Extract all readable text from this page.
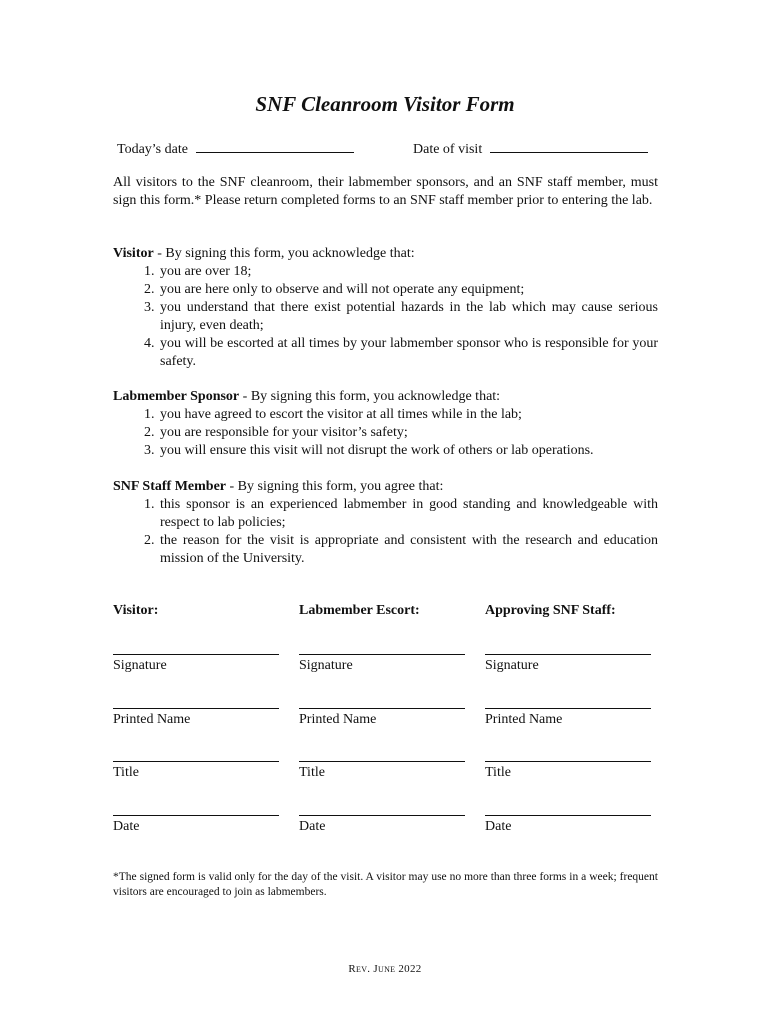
SNF Cleanroom Visitor Form
Today’s date	Date of visit

All visitors to the SNF cleanroom, their labmember sponsors, and an SNF staff member, must sign this form.* Please return completed forms to an SNF staff member prior to entering the lab.

Visitor - By signing this form, you acknowledge that:

1. you are over 18;
2. you are here only to observe and will not operate any equipment;
3. you understand that there exist potential hazards in the lab which may cause serious injury, even death;
4. you will be escorted at all times by your labmember sponsor who is responsible for your safety.

Labmember Sponsor - By signing this form, you acknowledge that:

1. you have agreed to escort the visitor at all times while in the lab;
2. you are responsible for your visitor’s safety;
3. you will ensure this visit will not disrupt the work of others or lab operations.

SNF Staff Member - By signing this form, you agree that:

1. this sponsor is an experienced labmember in good standing and knowledgeable with respect to lab policies;
2. the reason for the visit is appropriate and consistent with the research and education mission of the University.
Visitor:
Signature
Printed Name
Title
Date
Labmember Escort:
Signature
Printed Name
Title
Date
Approving SNF Staff:
Signature
Printed Name
Title
Date

*The signed form is valid only for the day of the visit. A visitor may use no more than three forms in a week; frequent visitors are encouraged to join as labmembers.

Rev. June 2022
